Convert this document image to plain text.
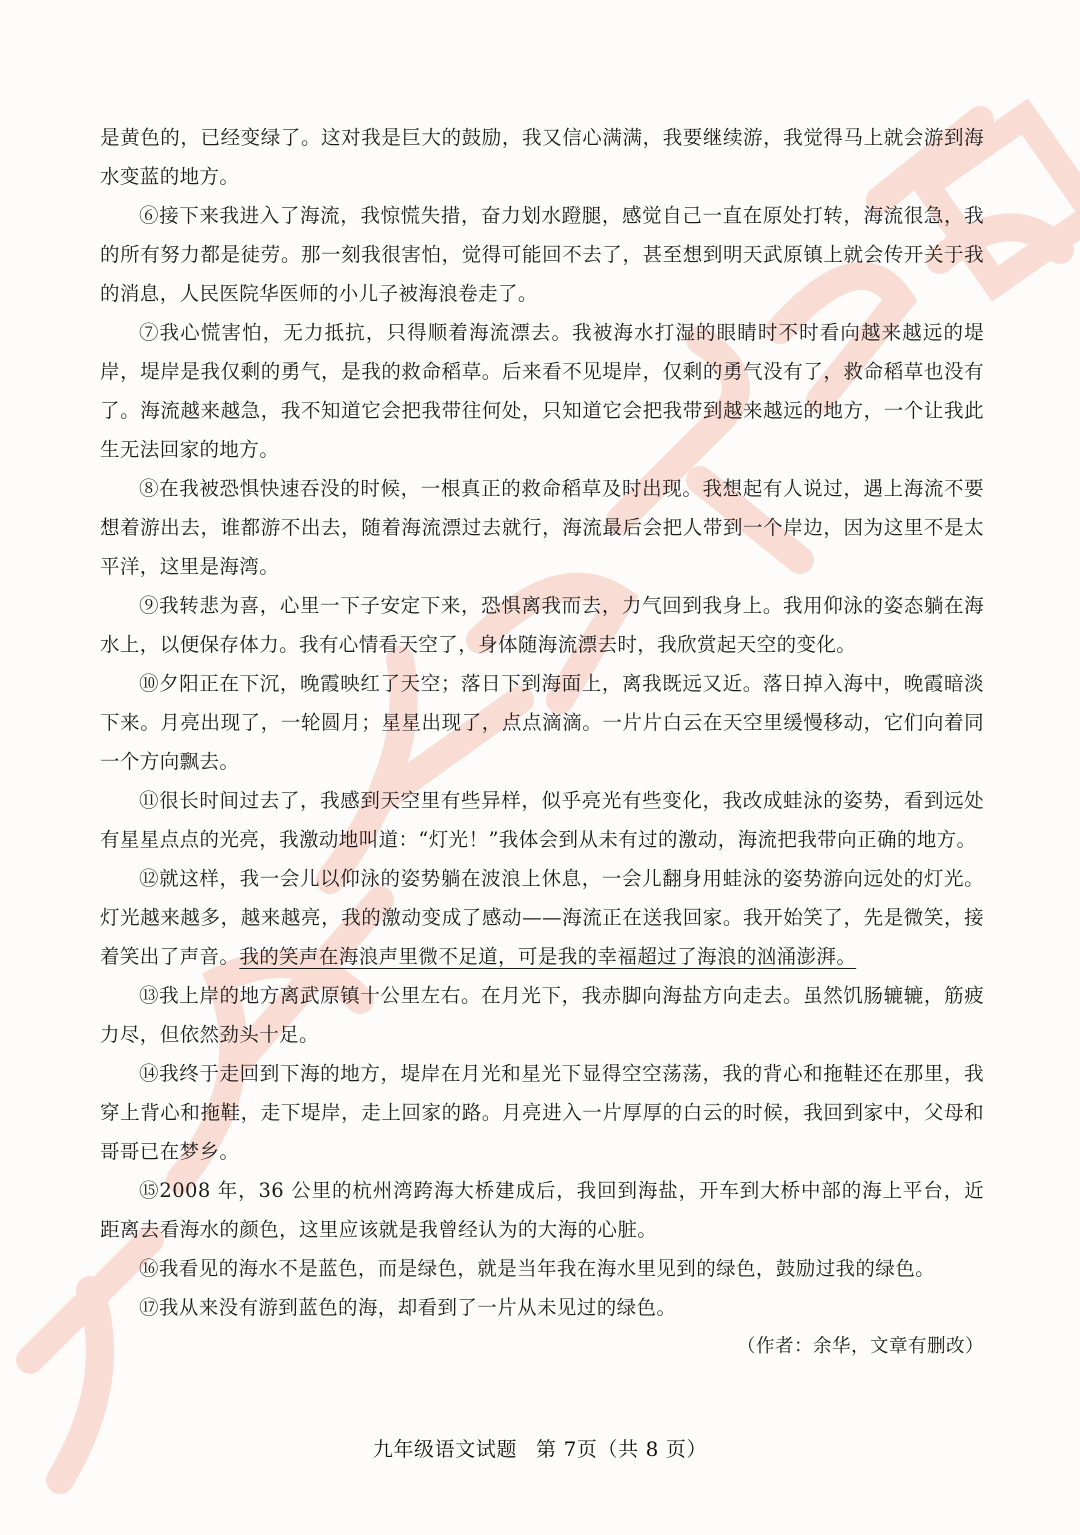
是黄色的，已经变绿了。这对我是巨大的鼓励，我又信心满满，我要继续游，我觉得马上就会游到海水变蓝的地方。

⑥接下来我进入了海流，我惊慌失措，奋力划水蹬腿，感觉自己一直在原处打转，海流很急，我的所有努力都是徒劳。那一刻我很害怕，觉得可能回不去了，甚至想到明天武原镇上就会传开关于我的消息，人民医院华医师的小儿子被海浪卷走了。

⑦我心慌害怕，无力抵抗，只得顺着海流漂去。我被海水打湿的眼睛时不时看向越来越远的堤岸，堤岸是我仅剩的勇气，是我的救命稻草。后来看不见堤岸，仅剩的勇气没有了，救命稻草也没有了。海流越来越急，我不知道它会把我带往何处，只知道它会把我带到越来越远的地方，一个让我此生无法回家的地方。

⑧在我被恐惧快速吞没的时候，一根真正的救命稻草及时出现。我想起有人说过，遇上海流不要想着游出去，谁都游不出去，随着海流漂过去就行，海流最后会把人带到一个岸边，因为这里不是太平洋，这里是海湾。

⑨我转悲为喜，心里一下子安定下来，恐惧离我而去，力气回到我身上。我用仰泳的姿态躺在海水上，以便保存体力。我有心情看天空了，身体随海流漂去时，我欣赏起天空的变化。

⑩夕阳正在下沉，晚霞映红了天空；落日下到海面上，离我既远又近。落日掉入海中，晚霞暗淡下来。月亮出现了，一轮圆月；星星出现了，点点滴滴。一片片白云在天空里缓慢移动，它们向着同一个方向飘去。

⑪很长时间过去了，我感到天空里有些异样，似乎亮光有些变化，我改成蛙泳的姿势，看到远处有星星点点的光亮，我激动地叫道：“灯光！”我体会到从未有过的激动，海流把我带向正确的地方。

⑫就这样，我一会儿以仰泳的姿势躺在波浪上休息，一会儿翻身用蛙泳的姿势游向远处的灯光。灯光越来越多，越来越亮，我的激动变成了感动——海流正在送我回家。我开始笑了，先是微笑，接着笑出了声音。我的笑声在海浪声里微不足道，可是我的幸福超过了海浪的汹涌澎湃。

⑬我上岸的地方离武原镇十公里左右。在月光下，我赤脚向海盐方向走去。虽然饥肠辘辘，筋疲力尽，但依然劲头十足。

⑭我终于走回到下海的地方，堤岸在月光和星光下显得空空荡荡，我的背心和拖鞋还在那里，我穿上背心和拖鞋，走下堤岸，走上回家的路。月亮进入一片厚厚的白云的时候，我回到家中，父母和哥哥已在梦乡。

⑮2008 年，36 公里的杭州湾跨海大桥建成后，我回到海盐，开车到大桥中部的海上平台，近距离去看海水的颜色，这里应该就是我曾经认为的大海的心脏。

⑯我看见的海水不是蓝色，而是绿色，就是当年我在海水里见到的绿色，鼓励过我的绿色。

⑰我从来没有游到蓝色的海，却看到了一片从未见过的绿色。

（作者：余华，文章有删改）
九年级语文试题 第 7页（共 8 页）
